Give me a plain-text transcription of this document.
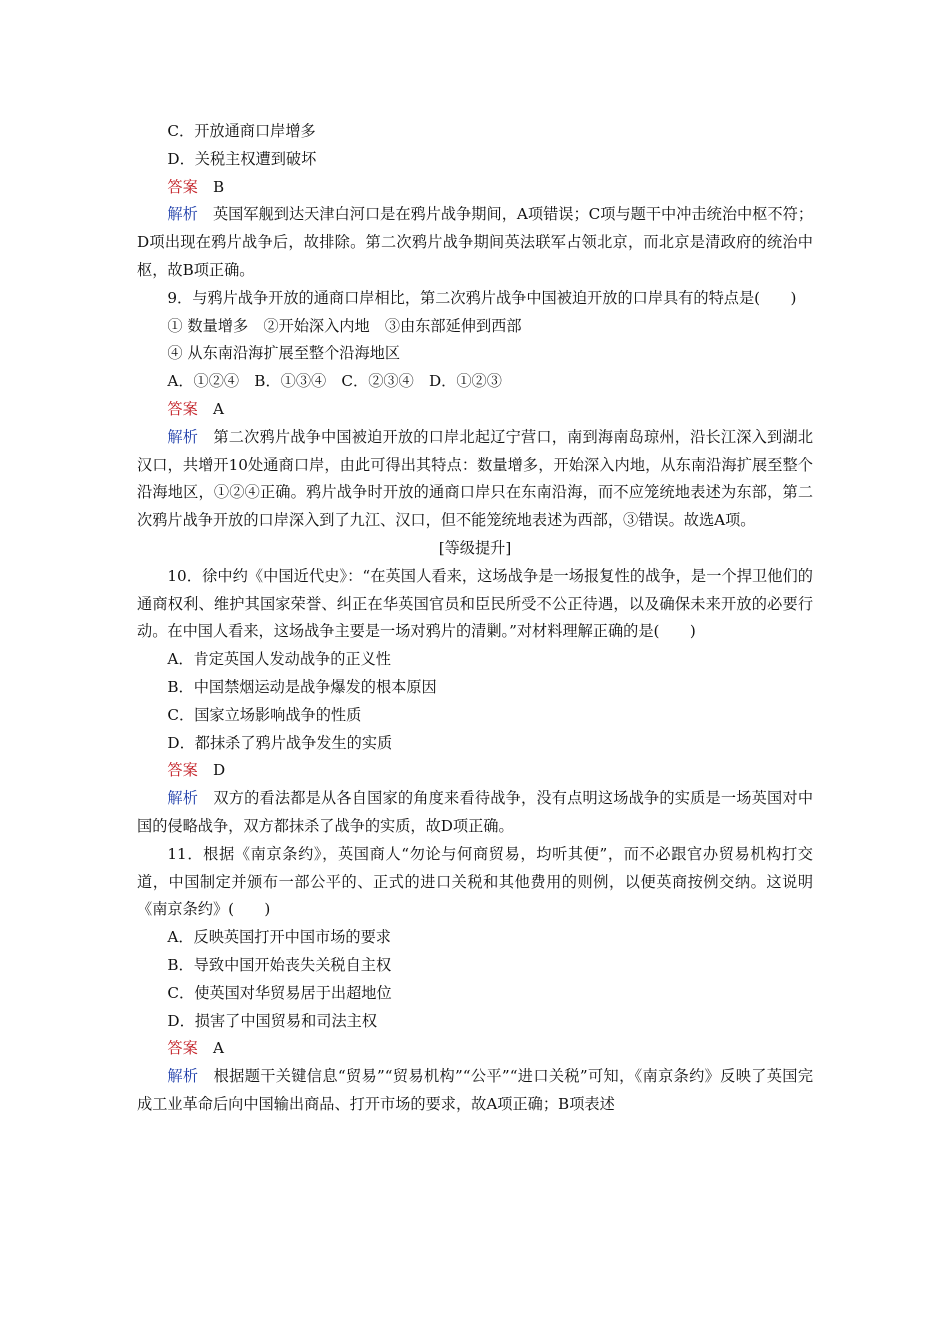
C．开放通商口岸增多

D．关税主权遭到破坏

答案 B

解析 英国军舰到达天津白河口是在鸦片战争期间，A项错误；C项与题干中冲击统治中枢不符；D项出现在鸦片战争后，故排除。第二次鸦片战争期间英法联军占领北京，而北京是清政府的统治中枢，故B项正确。

9．与鸦片战争开放的通商口岸相比，第二次鸦片战争中国被迫开放的口岸具有的特点是(　　)

① 数量增多　②开始深入内地　③由东部延伸到西部

④ 从东南沿海扩展至整个沿海地区

A．①②④　B．①③④　C．②③④　D．①②③

答案 A

解析 第二次鸦片战争中国被迫开放的口岸北起辽宁营口，南到海南岛琼州，沿长江深入到湖北汉口，共增开10处通商口岸，由此可得出其特点：数量增多，开始深入内地，从东南沿海扩展至整个沿海地区，①②④正确。鸦片战争时开放的通商口岸只在东南沿海，而不应笼统地表述为东部，第二次鸦片战争开放的口岸深入到了九江、汉口，但不能笼统地表述为西部，③错误。故选A项。

[等级提升]

10．徐中约《中国近代史》：“在英国人看来，这场战争是一场报复性的战争，是一个捍卫他们的通商权利、维护其国家荣誉、纠正在华英国官员和臣民所受不公正待遇，以及确保未来开放的必要行动。在中国人看来，这场战争主要是一场对鸦片的清剿。”对材料理解正确的是(　　)

A．肯定英国人发动战争的正义性

B．中国禁烟运动是战争爆发的根本原因

C．国家立场影响战争的性质

D．都抹杀了鸦片战争发生的实质

答案 D

解析 双方的看法都是从各自国家的角度来看待战争，没有点明这场战争的实质是一场英国对中国的侵略战争，双方都抹杀了战争的实质，故D项正确。

11．根据《南京条约》，英国商人“勿论与何商贸易，均听其便”，而不必跟官办贸易机构打交道，中国制定并颁布一部公平的、正式的进口关税和其他费用的则例，以便英商按例交纳。这说明《南京条约》(　　)

A．反映英国打开中国市场的要求

B．导致中国开始丧失关税自主权

C．使英国对华贸易居于出超地位

D．损害了中国贸易和司法主权

答案 A

解析 根据题干关键信息“贸易”“贸易机构”“公平”“进口关税”可知，《南京条约》反映了英国完成工业革命后向中国输出商品、打开市场的要求，故A项正确；B项表述
